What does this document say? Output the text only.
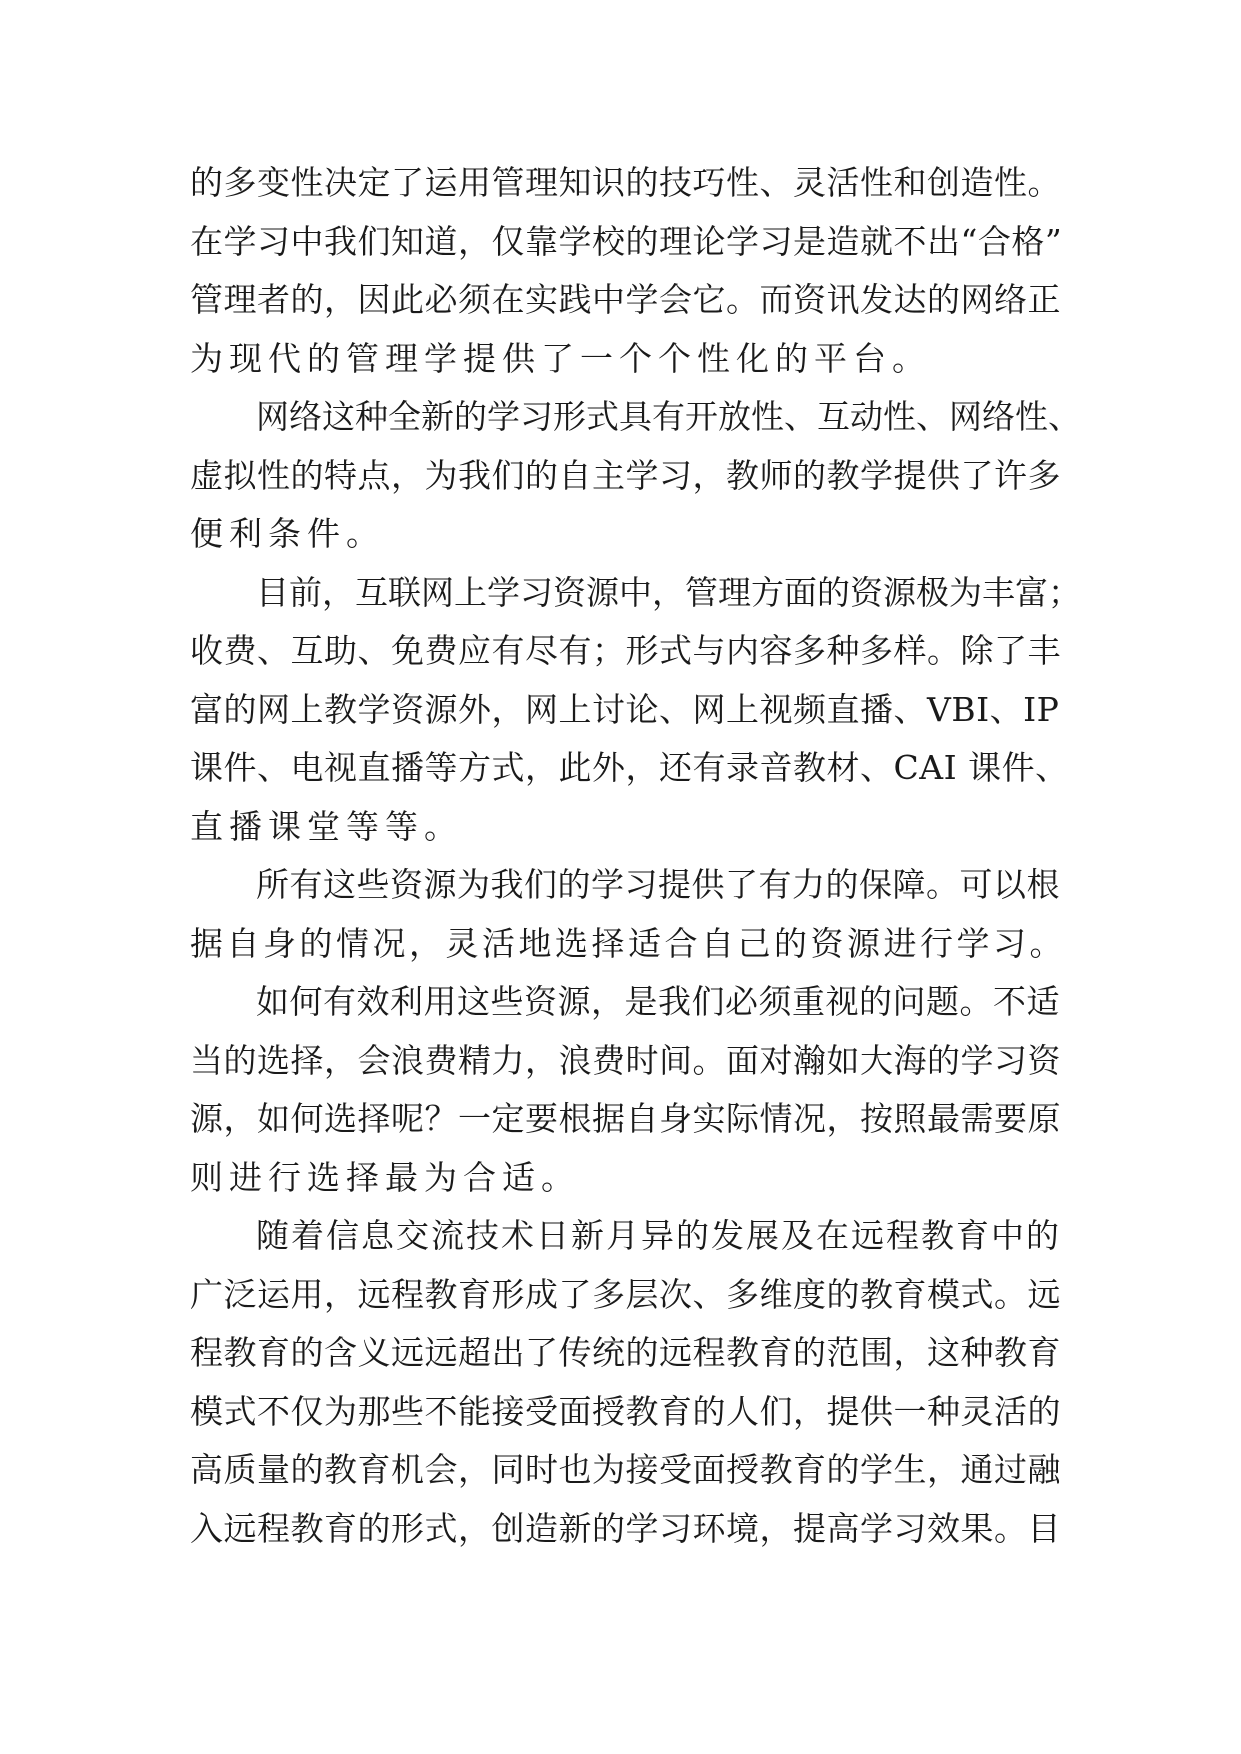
的多变性决定了运用管理知识的技巧性、灵活性和创造性。
在学习中我们知道，仅靠学校的理论学习是造就不出“合格”
管理者的，因此必须在实践中学会它。而资讯发达的网络正
为现代的管理学提供了一个个性化的平台。
网络这种全新的学习形式具有开放性、互动性、网络性、
虚拟性的特点，为我们的自主学习，教师的教学提供了许多
便利条件。
目前，互联网上学习资源中，管理方面的资源极为丰富；
收费、互助、免费应有尽有；形式与内容多种多样。除了丰
富的网上教学资源外，网上讨论、网上视频直播、VBI、IP
课件、电视直播等方式，此外，还有录音教材、CAI 课件、
直播课堂等等。
所有这些资源为我们的学习提供了有力的保障。可以根
据自身的情况，灵活地选择适合自己的资源进行学习。
如何有效利用这些资源，是我们必须重视的问题。不适
当的选择，会浪费精力，浪费时间。面对瀚如大海的学习资
源，如何选择呢？一定要根据自身实际情况，按照最需要原
则进行选择最为合适。
随着信息交流技术日新月异的发展及在远程教育中的
广泛运用，远程教育形成了多层次、多维度的教育模式。远
程教育的含义远远超出了传统的远程教育的范围，这种教育
模式不仅为那些不能接受面授教育的人们，提供一种灵活的
高质量的教育机会，同时也为接受面授教育的学生，通过融
入远程教育的形式，创造新的学习环境，提高学习效果。目
